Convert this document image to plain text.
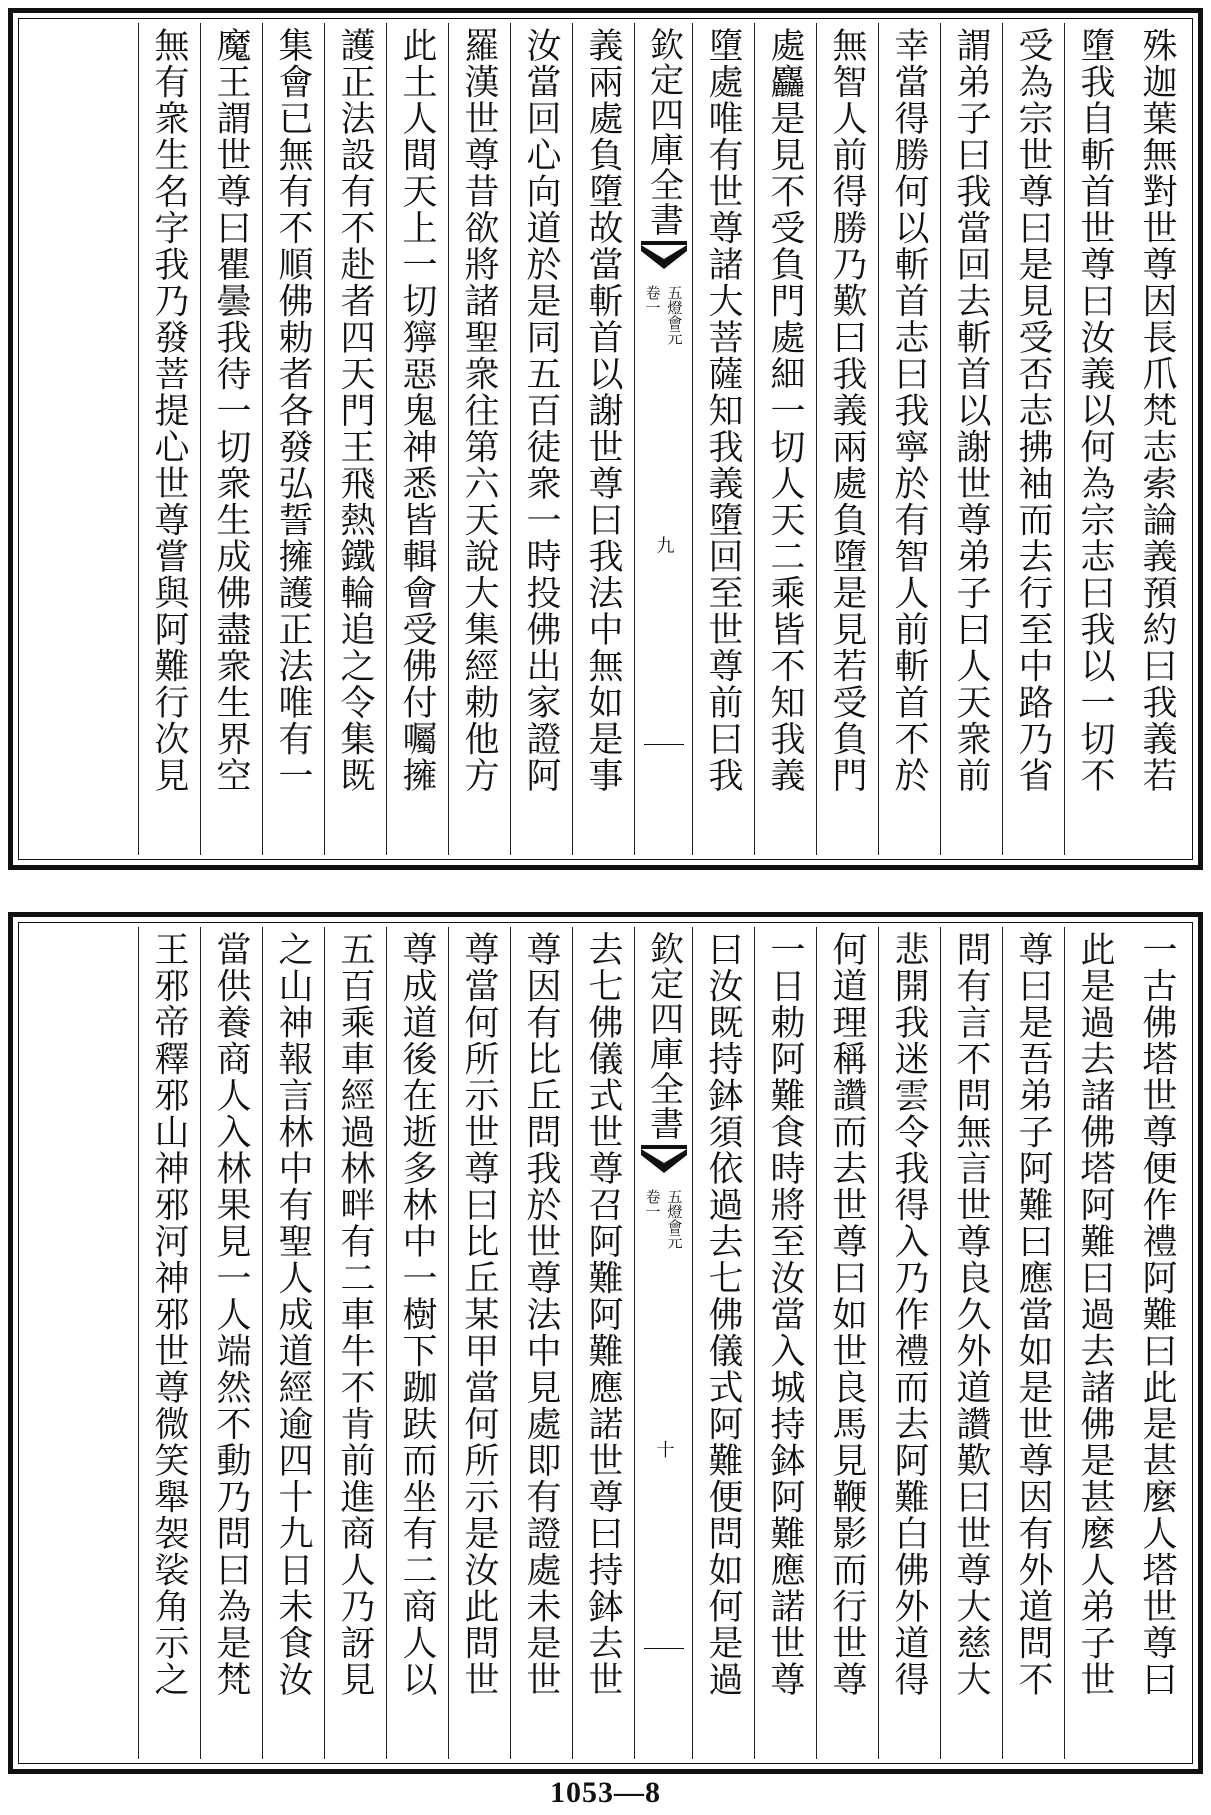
殊迦葉無對世尊因長爪梵志索論義預約曰我義若
墮我自斬首世尊曰汝義以何為宗志曰我以一切不
受為宗世尊曰是見受否志拂袖而去行至中路乃省
謂弟子曰我當回去斬首以謝世尊弟子曰人天衆前
幸當得勝何以斬首志曰我寧於有智人前斬首不於
無智人前得勝乃歎曰我義兩處負墮是見若受負門
處麤是見不受負門處細一切人天二乘皆不知我義
墮處唯有世尊諸大菩薩知我義墮回至世尊前曰我
欽定四庫全書
五燈會元
卷一
九
義兩處負墮故當斬首以謝世尊曰我法中無如是事
汝當回心向道於是同五百徒衆一時投佛出家證阿
羅漢世尊昔欲將諸聖衆往第六天說大集經勅他方
此土人間天上一切獰惡鬼神悉皆輯會受佛付囑擁
護正法設有不赴者四天門王飛熱鐵輪追之令集既
集會已無有不順佛勅者各發弘誓擁護正法唯有一
魔王謂世尊曰瞿曇我待一切衆生成佛盡衆生界空
無有衆生名字我乃發菩提心世尊嘗與阿難行次見
一古佛塔世尊便作禮阿難曰此是甚麼人塔世尊曰
此是過去諸佛塔阿難曰過去諸佛是甚麼人弟子世
尊曰是吾弟子阿難曰應當如是世尊因有外道問不
問有言不問無言世尊良久外道讚歎曰世尊大慈大
悲開我迷雲令我得入乃作禮而去阿難白佛外道得
何道理稱讚而去世尊曰如世良馬見鞭影而行世尊
一日勅阿難食時將至汝當入城持鉢阿難應諾世尊
曰汝既持鉢須依過去七佛儀式阿難便問如何是過
欽定四庫全書
五燈會元
卷一
十
去七佛儀式世尊召阿難阿難應諾世尊曰持鉢去世
尊因有比丘問我於世尊法中見處即有證處未是世
尊當何所示世尊曰比丘某甲當何所示是汝此問世
尊成道後在逝多林中一樹下跏趺而坐有二商人以
五百乘車經過林畔有二車牛不肯前進商人乃訝見
之山神報言林中有聖人成道經逾四十九日未食汝
當供養商人入林果見一人端然不動乃問曰為是梵
王邪帝釋邪山神邪河神邪世尊微笑舉袈裟角示之
1053—8
